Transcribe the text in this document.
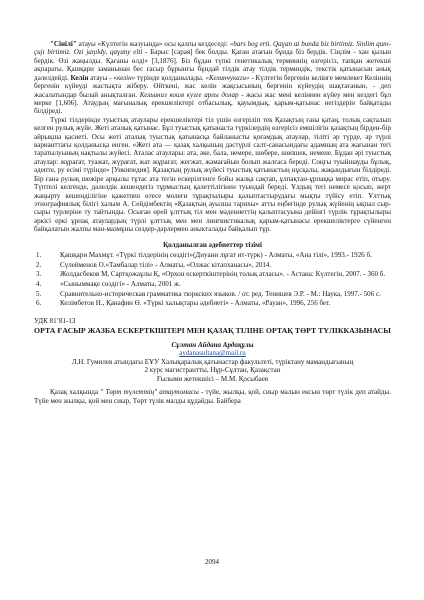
"Сінілі" атауы «Күлтегін жазуында» осы қалпы кездеседі: «bars beg erti. Qaɣan at bunda biz birtimiz. Sinlim qunı-çujı birtimiz. Ozi jaŋıldy, qaɣany elti - Барыс [сарая] бек болды. Қаған атағын бұнда біз бердік. Сіңлім - хан қызын бердік. Өзі жаңылды. Қағаны өлді» [3,1876]. Біз бұдан түпкі генетикалық терминнің өзгерісіз, тапқан жетекші ақпараты. Қашқари заманынан бес ғасыр бұрынғы бұндай тілдік атау тілдік терминдік, текстік қатынасын анық дәлелдейді. Келін атауы - «келін» түрінде қолданылады. «Келинчукаги» - Күлтегін бергенін келінге мемлекет Келіннің бергенін күйеуді жастықта жіберу. Өйткені, жас келін жақсысының бергенін күйеудің шақтағанын, - деп жасалатындар былай анықталған. Кельиниз коим кузге арғы долар - жасы жас мені келіннен күйеу мен кездегі бұл мерке [1,606]. Атаудың мағыналық ерекшеліктері отбасылық, қауымдық, қарым-қатынас негіздерін байқатады білдіреді.

Түркі тілдерінде туыстық атаулары ерекшеліктері тіл үшін өзгеріліп тек Қазақтың ғана қатаң, толық сақталып келген рулық жүйе. Жеті аталық қатынас. Бұл туыстық қатынаста түркілердің өзгерісіз емшілігін қазақтың бірден-бір айрықша қасиеті. Осы жеті аталық туыстық қатынасқа байланысты қоғамдық атаулар, тіліті әр түрде, әр түрлі варианттағы қолданысқа енген. «Жеті ата — қазақ халқының дәстүрлі салт-санасындағы адамның ата жағынан тегі таратылуының нақтылы жүйесі. Аталас атаулары: ата, әке, бала, немере, шөбере, шөпшек, немене. Бұдан әрі туыстық атаулар: жұрағат, туажат, жүрағат, жат жұрағат, жегжат, жамағайын болып жалғаса береді. Соңғы туыйшауды бұлық, әдепте, ру есімі түрінде» [Уикипедия]. Қазақтың рулық жүйесі туыстық қатынастың нұсқалы, жақындығын білдіреді. Бір ғана рулық шежіре арқылы тұтас ата тегін ескерілгенге бойы жалқа сақтап, ұлпақтан-ұрпаққа мирас етіп, отыру. Түптелі келгенде, дәлелдік кешендегіз тұрмыстың қалеттілігінен туындай береді. Ұлдың тегі немесе қосып, жерт жаңырту кешенділігіне қажетпен өтесе молеғи тұрақтылыры қалыптастырудағы мықты түйісу етіп. Ұлттық этнографиялық білігі халым А. Сейдімбектің «Қазақтың ауызша тарихы» атты еңбегінде рулық жүйенің ықпал сыр-сыры турлеріне ту тайтынды. Осыған өрей ұлттық тіл мен мәдениеттің қалыптасуына дейінгі түрлік тұрақтылыры әркісі еркі ұрпақ атаулардың түрлі ұлттық мен мен лингвистикалық қарым-қатынасы ерекшеліктерге сүйенген байқалатын жалпы мән-мазмұны сөздер-дәрлермен аныкталады байқалып тұр.

Қолданылған әдебиеттер тізімі
1.	Қашқари Махмұт. «Түркі тілдерінің сөздігі»(Диуани лұғат ит-түрк) - Алматы, «Ана тілі», 1993.- 1926 б.
2.	Сүлейменов О.«Тамбалар тілі» - Алматы, «Олжас кітапханасы», 2014.
3.	Жолдасбеков М, Сартқожаұлы Қ, «Орхон ескерткіштерінің толық атласы». - Астана: Күлтегін, 2007. - 360 б.
4.	«Сыныммақе сөздігі» - Алматы, 2001 ж.
5.	Сравнительно-историческая грамматика тюркских языков. / от. ред. Тенишев Э.Р. - М.: Наука, 1997.- 506 с.
6.	Келімбетов Н., Қанафин Ө. «Түркі халықтары әдебиеті» - Алматы, «Рауан», 1996, 256 бет.
УДК 81’81-13
ОРТА ҒАСЫР ЖАЗБА ЕСКЕРТКІШТЕРІ МЕН ҚАЗАҚ ТІЛІНЕ ОРТАҚ ТӨРТ ТҮЛІККАЗЫНАСЫ
Сұлтан Айдана Ардақұлы
aydanasultana@mail.ru
Л.Н. Гумилев атындағы ЕҰУ Халықаралық қатынастар факультеті, түріктану мамандығының
2 курс магистрантты, Нұр-Сұлтан, Қазақстан
Ғылыми жетекшісі – М.М. Қосыбаев

Қазақ халқында " Төрт түлеттің" атаутомасы - түйе, жылқы, қой, сиыр малын ексын төрт түлік деп атайды. Түйе мен жылқы, қой мен сиыр, Төрт түлік малды құдайды. Байбера

2094
